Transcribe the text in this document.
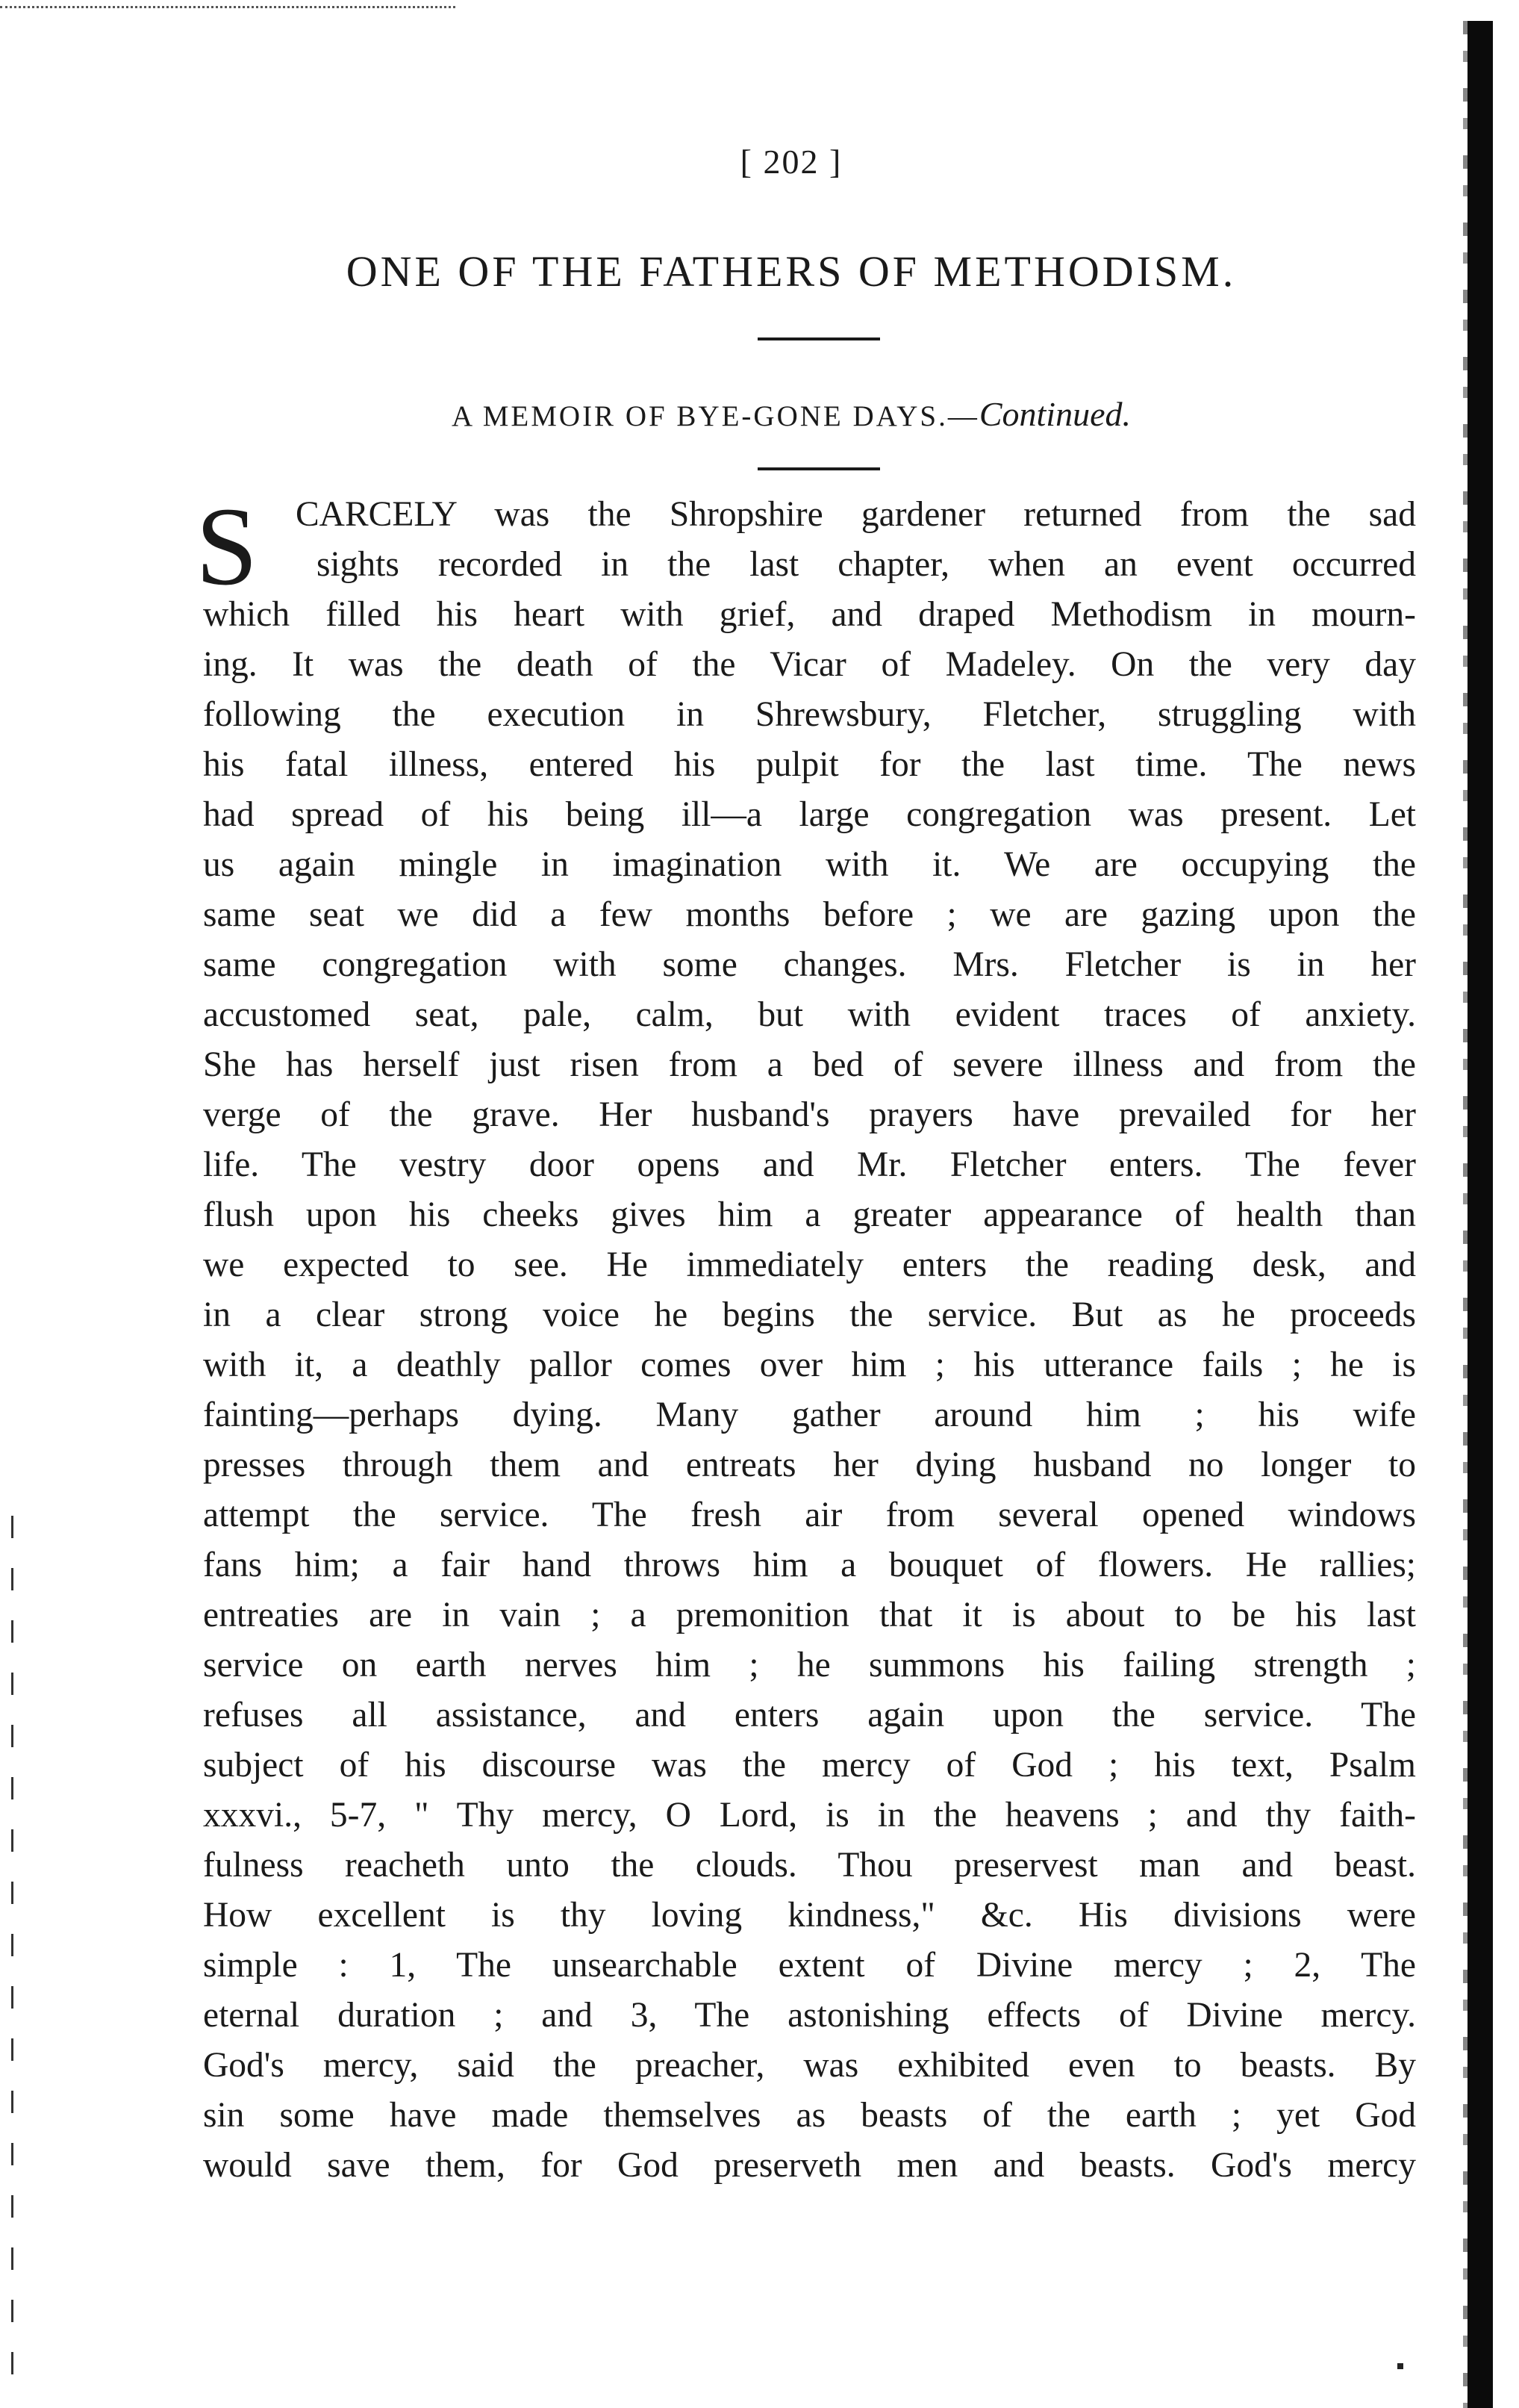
[ 202 ]
ONE OF THE FATHERS OF METHODISM.
A MEMOIR OF BYE-GONE DAYS.—Continued.
S	CARCELY was the Shropshire gardener returned from the sad
sights recorded in the last chapter, when an event occurred
which filled his heart with grief, and draped Methodism in mourn-
ing. It was the death of the Vicar of Madeley. On the very day
following the execution in Shrewsbury, Fletcher, struggling with
his fatal illness, entered his pulpit for the last time. The news
had spread of his being ill—a large congregation was present. Let
us again mingle in imagination with it. We are occupying the
same seat we did a few months before ; we are gazing upon the
same congregation with some changes. Mrs. Fletcher is in her
accustomed seat, pale, calm, but with evident traces of anxiety.
She has herself just risen from a bed of severe illness and from the
verge of the grave. Her husband's prayers have prevailed for her
life. The vestry door opens and Mr. Fletcher enters. The fever
flush upon his cheeks gives him a greater appearance of health than
we expected to see. He immediately enters the reading desk, and
in a clear strong voice he begins the service. But as he proceeds
with it, a deathly pallor comes over him ; his utterance fails ; he is
fainting—perhaps dying. Many gather around him ; his wife
presses through them and entreats her dying husband no longer to
attempt the service. The fresh air from several opened windows
fans him; a fair hand throws him a bouquet of flowers. He rallies;
entreaties are in vain ; a premonition that it is about to be his last
service on earth nerves him ; he summons his failing strength ;
refuses all assistance, and enters again upon the service. The
subject of his discourse was the mercy of God ; his text, Psalm
xxxvi., 5-7, " Thy mercy, O Lord, is in the heavens ; and thy faith-
fulness reacheth unto the clouds. Thou preservest man and beast.
How excellent is thy loving kindness," &c. His divisions were
simple : 1, The unsearchable extent of Divine mercy ; 2, The
eternal duration ; and 3, The astonishing effects of Divine mercy.
God's mercy, said the preacher, was exhibited even to beasts. By
sin some have made themselves as beasts of the earth ; yet God
would save them, for God preserveth men and beasts. God's mercy
